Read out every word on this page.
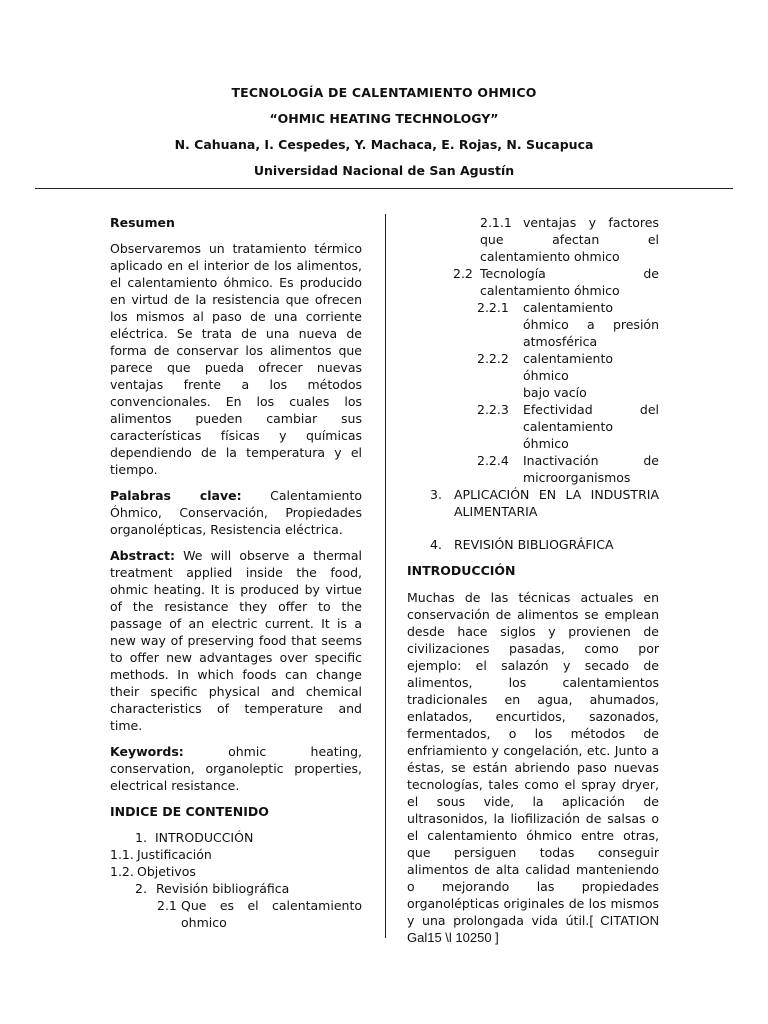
TECNOLOGÍA DE CALENTAMIENTO OHMICO
“OHMIC HEATING TECHNOLOGY”
N. Cahuana, I. Cespedes, Y. Machaca, E. Rojas, N. Sucapuca
Universidad Nacional de San Agustín

Resumen

Observaremos un tratamiento térmico aplicado en el interior de los alimentos, el calentamiento óhmico. Es producido en virtud de la resistencia que ofrecen los mismos al paso de una corriente eléctrica. Se trata de una nueva de forma de conservar los alimentos que parece que pueda ofrecer nuevas ventajas frente a los métodos convencionales. En los cuales los alimentos pueden cambiar sus características físicas y químicas dependiendo de la temperatura y el tiempo.

Palabras clave: Calentamiento Óhmico, Conservación, Propiedades organolépticas, Resistencia eléctrica.

Abstract: We will observe a thermal treatment applied inside the food, ohmic heating. It is produced by virtue of the resistance they offer to the passage of an electric current. It is a new way of preserving food that seems to offer new advantages over specific methods. In which foods can change their specific physical and chemical characteristics of temperature and time.

Keywords:	ohmic heating, conservation, organoleptic properties, electrical resistance.

INDICE DE CONTENIDO

1. INTRODUCCIÓN
1.1. Justificación
1.2. Objetivos
2. Revisión bibliográfica
2.1 Que es el calentamiento ohmico
2.1.1 ventajas y factores que afectan el calentamiento ohmico
2.2 Tecnología de calentamiento óhmico
2.2.1 calentamiento óhmico a presión atmosférica
2.2.2 calentamiento óhmico bajo vacío
2.2.3 Efectividad del calentamiento óhmico
2.2.4 Inactivación de microorganismos
3. APLICACIÓN EN LA INDUSTRIA ALIMENTARIA
4. REVISIÓN BIBLIOGRÁFICA

INTRODUCCIÓN

Muchas de las técnicas actuales en conservación de alimentos se emplean desde hace siglos y provienen de civilizaciones pasadas, como por ejemplo: el salazón y secado de alimentos, los calentamientos tradicionales en agua, ahumados, enlatados, encurtidos, sazonados, fermentados, o los métodos de enfriamiento y congelación, etc. Junto a éstas, se están abriendo paso nuevas tecnologías, tales como el spray dryer, el sous vide, la aplicación de ultrasonidos, la liofilización de salsas o el calentamiento óhmico entre otras, que persiguen todas conseguir alimentos de alta calidad manteniendo o mejorando las propiedades organolépticas originales de los mismos y una prolongada vida útil.[ CITATION Gal15 \l 10250 ]
